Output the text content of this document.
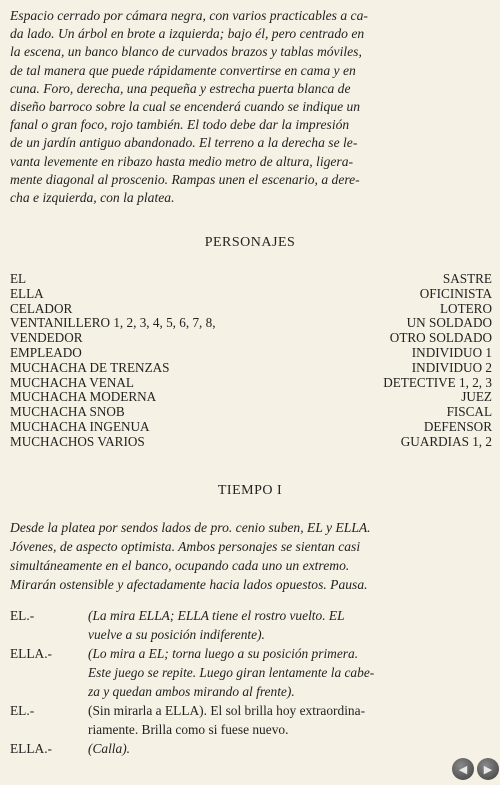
Espacio cerrado por cámara negra, con varios practicables a ca-
da lado. Un árbol en brote a izquierda; bajo él, pero centrado en
la escena, un banco blanco de curvados brazos y tablas móviles,
de tal manera que puede rápidamente convertirse en cama y en
cuna. Foro, derecha, una pequeña y estrecha puerta blanca de
diseño barroco sobre la cual se encenderá cuando se indique un
fanal o gran foco, rojo también. El todo debe dar la impresión
de un jardín antiguo abandonado. El terreno a la derecha se le-
vanta levemente en ribazo hasta medio metro de altura, ligera-
mente diagonal al proscenio. Rampas unen el escenario, a dere-
cha e izquierda, con la platea.
PERSONAJES
EL	SASTRE
ELLA	OFICINISTA
CELADOR	LOTERO
VENTANILLERO 1, 2, 3, 4, 5, 6, 7, 8,	UN SOLDADO
VENDEDOR	OTRO SOLDADO
EMPLEADO	INDIVIDUO 1
MUCHACHA DE TRENZAS	INDIVIDUO 2
MUCHACHA VENAL	DETECTIVE 1, 2, 3
MUCHACHA MODERNA	JUEZ
MUCHACHA SNOB	FISCAL
MUCHACHA INGENUA	DEFENSOR
MUCHACHOS VARIOS	GUARDIAS 1, 2
TIEMPO I
Desde la platea por sendos lados de pro. cenio suben, EL y ELLA.
Jóvenes, de aspecto optimista. Ambos personajes se sientan casi
simultáneamente en el banco, ocupando cada uno un extremo.
Mirarán ostensible y afectadamente hacia lados opuestos. Pausa.
EL.-	(La mira ELLA; ELLA tiene el rostro vuelto. EL
vuelve a su posición indiferente).
ELLA.-	(Lo mira a EL; torna luego a su posición primera.
Este juego se repite. Luego giran lentamente la cabe-
za y quedan ambos mirando al frente).
EL.-	(Sin mirarla a ELLA). El sol brilla hoy extraordina-
riamente. Brilla como si fuese nuevo.
ELLA.-	(Calla).
◀ ▶
